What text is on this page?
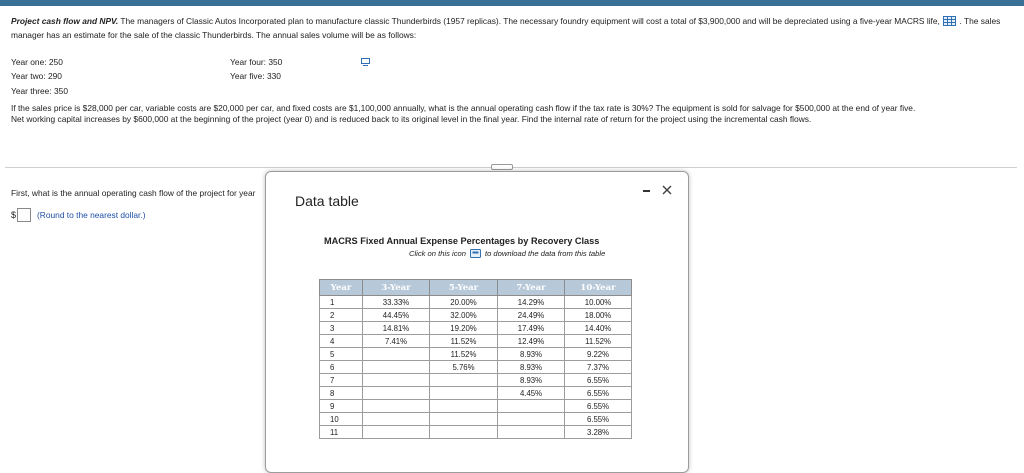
Project cash flow and NPV. The managers of Classic Autos Incorporated plan to manufacture classic Thunderbirds (1957 replicas). The necessary foundry equipment will cost a total of $3,900,000 and will be depreciated using a five-year MACRS life, . The sales manager has an estimate for the sale of the classic Thunderbirds. The annual sales volume will be as follows:
Year one: 250
Year two: 290
Year three: 350
Year four: 350
Year five: 330
If the sales price is $28,000 per car, variable costs are $20,000 per car, and fixed costs are $1,100,000 annually, what is the annual operating cash flow if the tax rate is 30%? The equipment is sold for salvage for $500,000 at the end of year five.
Net working capital increases by $600,000 at the beginning of the project (year 0) and is reduced back to its original level in the final year. Find the internal rate of return for the project using the incremental cash flows.
First, what is the annual operating cash flow of the project for year
$	(Round to the nearest dollar.)
Data table
MACRS Fixed Annual Expense Percentages by Recovery Class
Click on this icon	to download the data from this table
Year	3-Year	5-Year	7-Year	10-Year
1	33.33%	20.00%	14.29%	10.00%
2	44.45%	32.00%	24.49%	18.00%
3	14.81%	19.20%	17.49%	14.40%
4	7.41%	11.52%	12.49%	11.52%
5		11.52%	8.93%	9.22%
6		5.76%	8.93%	7.37%
7			8.93%	6.55%
8			4.45%	6.55%
9				6.55%
10				6.55%
11				3.28%
